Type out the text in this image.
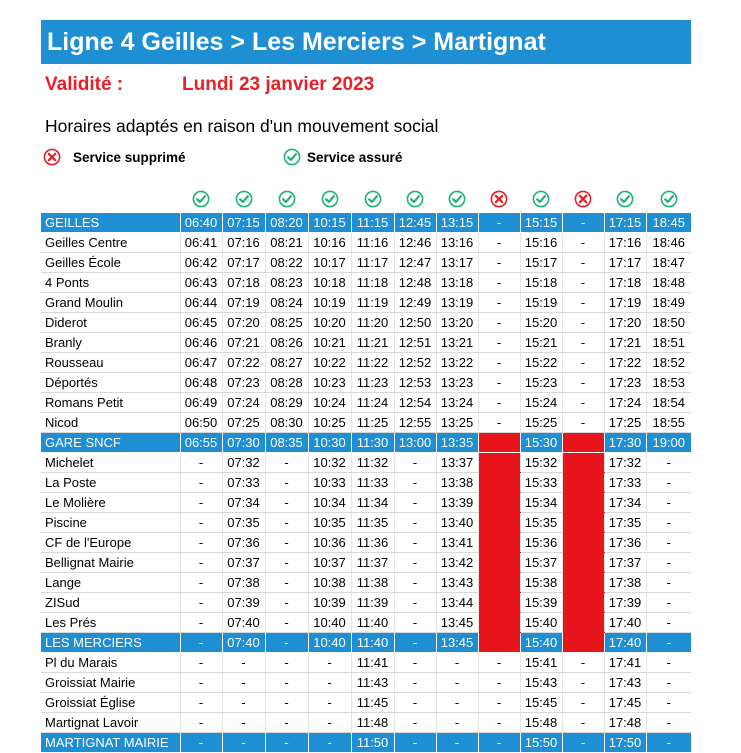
Ligne 4 Geilles > Les Merciers > Martignat
Validité :	Lundi 23 janvier 2023
Horaires adaptés en raison d'un mouvement social
Service supprimé	Service assuré
GEILLES	06:40	07:15	08:20	10:15	11:15	12:45	13:15	-	15:15	-	17:15	18:45
Geilles Centre	06:41	07:16	08:21	10:16	11:16	12:46	13:16	-	15:16	-	17:16	18:46
Geilles École	06:42	07:17	08:22	10:17	11:17	12:47	13:17	-	15:17	-	17:17	18:47
4 Ponts	06:43	07:18	08:23	10:18	11:18	12:48	13:18	-	15:18	-	17:18	18:48
Grand Moulin	06:44	07:19	08:24	10:19	11:19	12:49	13:19	-	15:19	-	17:19	18:49
Diderot	06:45	07:20	08:25	10:20	11:20	12:50	13:20	-	15:20	-	17:20	18:50
Branly	06:46	07:21	08:26	10:21	11:21	12:51	13:21	-	15:21	-	17:21	18:51
Rousseau	06:47	07:22	08:27	10:22	11:22	12:52	13:22	-	15:22	-	17:22	18:52
Déportés	06:48	07:23	08:28	10:23	11:23	12:53	13:23	-	15:23	-	17:23	18:53
Romans Petit	06:49	07:24	08:29	10:24	11:24	12:54	13:24	-	15:24	-	17:24	18:54
Nicod	06:50	07:25	08:30	10:25	11:25	12:55	13:25	-	15:25	-	17:25	18:55
GARE SNCF	06:55	07:30	08:35	10:30	11:30	13:00	13:35		15:30		17:30	19:00
Michelet	-	07:32	-	10:32	11:32	-	13:37		15:32		17:32	-
La Poste	-	07:33	-	10:33	11:33	-	13:38		15:33		17:33	-
Le Molière	-	07:34	-	10:34	11:34	-	13:39		15:34		17:34	-
Piscine	-	07:35	-	10:35	11:35	-	13:40		15:35		17:35	-
CF de l'Europe	-	07:36	-	10:36	11:36	-	13:41		15:36		17:36	-
Bellignat Mairie	-	07:37	-	10:37	11:37	-	13:42		15:37		17:37	-
Lange	-	07:38	-	10:38	11:38	-	13:43		15:38		17:38	-
ZISud	-	07:39	-	10:39	11:39	-	13:44		15:39		17:39	-
Les Prés	-	07:40	-	10:40	11:40	-	13:45		15:40		17:40	-
LES MERCIERS	-	07:40	-	10:40	11:40	-	13:45		15:40		17:40	-
Pl du Marais	-	-	-	-	11:41	-	-	-	15:41	-	17:41	-
Groissiat Mairie	-	-	-	-	11:43	-	-	-	15:43	-	17:43	-
Groissiat Église	-	-	-	-	11:45	-	-	-	15:45	-	17:45	-
Martignat Lavoir	-	-	-	-	11:48	-	-	-	15:48	-	17:48	-
MARTIGNAT MAIRIE	-	-	-	-	11:50	-	-	-	15:50	-	17:50	-
